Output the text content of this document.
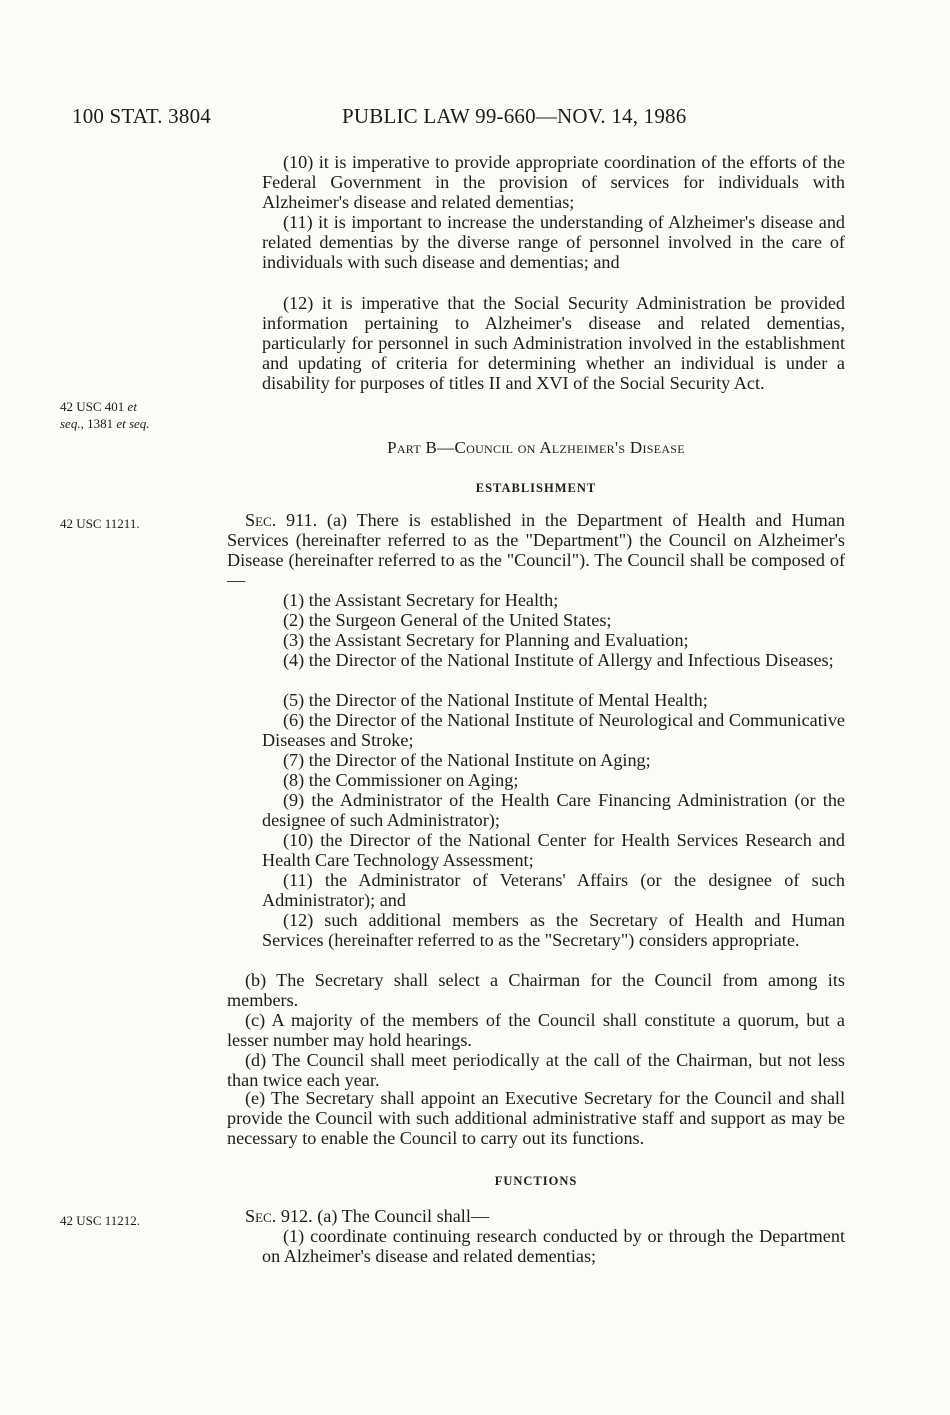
100 STAT. 3804	PUBLIC LAW 99-660—NOV. 14, 1986
(10) it is imperative to provide appropriate coordination of the efforts of the Federal Government in the provision of services for individuals with Alzheimer's disease and related dementias;
(11) it is important to increase the understanding of Alzheimer's disease and related dementias by the diverse range of personnel involved in the care of individuals with such disease and dementias; and
(12) it is imperative that the Social Security Administration be provided information pertaining to Alzheimer's disease and related dementias, particularly for personnel in such Administration involved in the establishment and updating of criteria for determining whether an individual is under a disability for purposes of titles II and XVI of the Social Security Act.
42 USC 401 et
seq., 1381 et seq.
Part B—Council on Alzheimer's Disease
ESTABLISHMENT
42 USC 11211.	Sec. 911. (a) There is established in the Department of Health and Human Services (hereinafter referred to as the "Department") the Council on Alzheimer's Disease (hereinafter referred to as the "Council"). The Council shall be composed of—
(1) the Assistant Secretary for Health;
(2) the Surgeon General of the United States;
(3) the Assistant Secretary for Planning and Evaluation;
(4) the Director of the National Institute of Allergy and Infectious Diseases;
(5) the Director of the National Institute of Mental Health;
(6) the Director of the National Institute of Neurological and Communicative Diseases and Stroke;
(7) the Director of the National Institute on Aging;
(8) the Commissioner on Aging;
(9) the Administrator of the Health Care Financing Administration (or the designee of such Administrator);
(10) the Director of the National Center for Health Services Research and Health Care Technology Assessment;
(11) the Administrator of Veterans' Affairs (or the designee of such Administrator); and
(12) such additional members as the Secretary of Health and Human Services (hereinafter referred to as the "Secretary") considers appropriate.
(b) The Secretary shall select a Chairman for the Council from among its members.
(c) A majority of the members of the Council shall constitute a quorum, but a lesser number may hold hearings.
(d) The Council shall meet periodically at the call of the Chairman, but not less than twice each year.
(e) The Secretary shall appoint an Executive Secretary for the Council and shall provide the Council with such additional administrative staff and support as may be necessary to enable the Council to carry out its functions.
FUNCTIONS
42 USC 11212.	Sec. 912. (a) The Council shall—
(1) coordinate continuing research conducted by or through the Department on Alzheimer's disease and related dementias;
